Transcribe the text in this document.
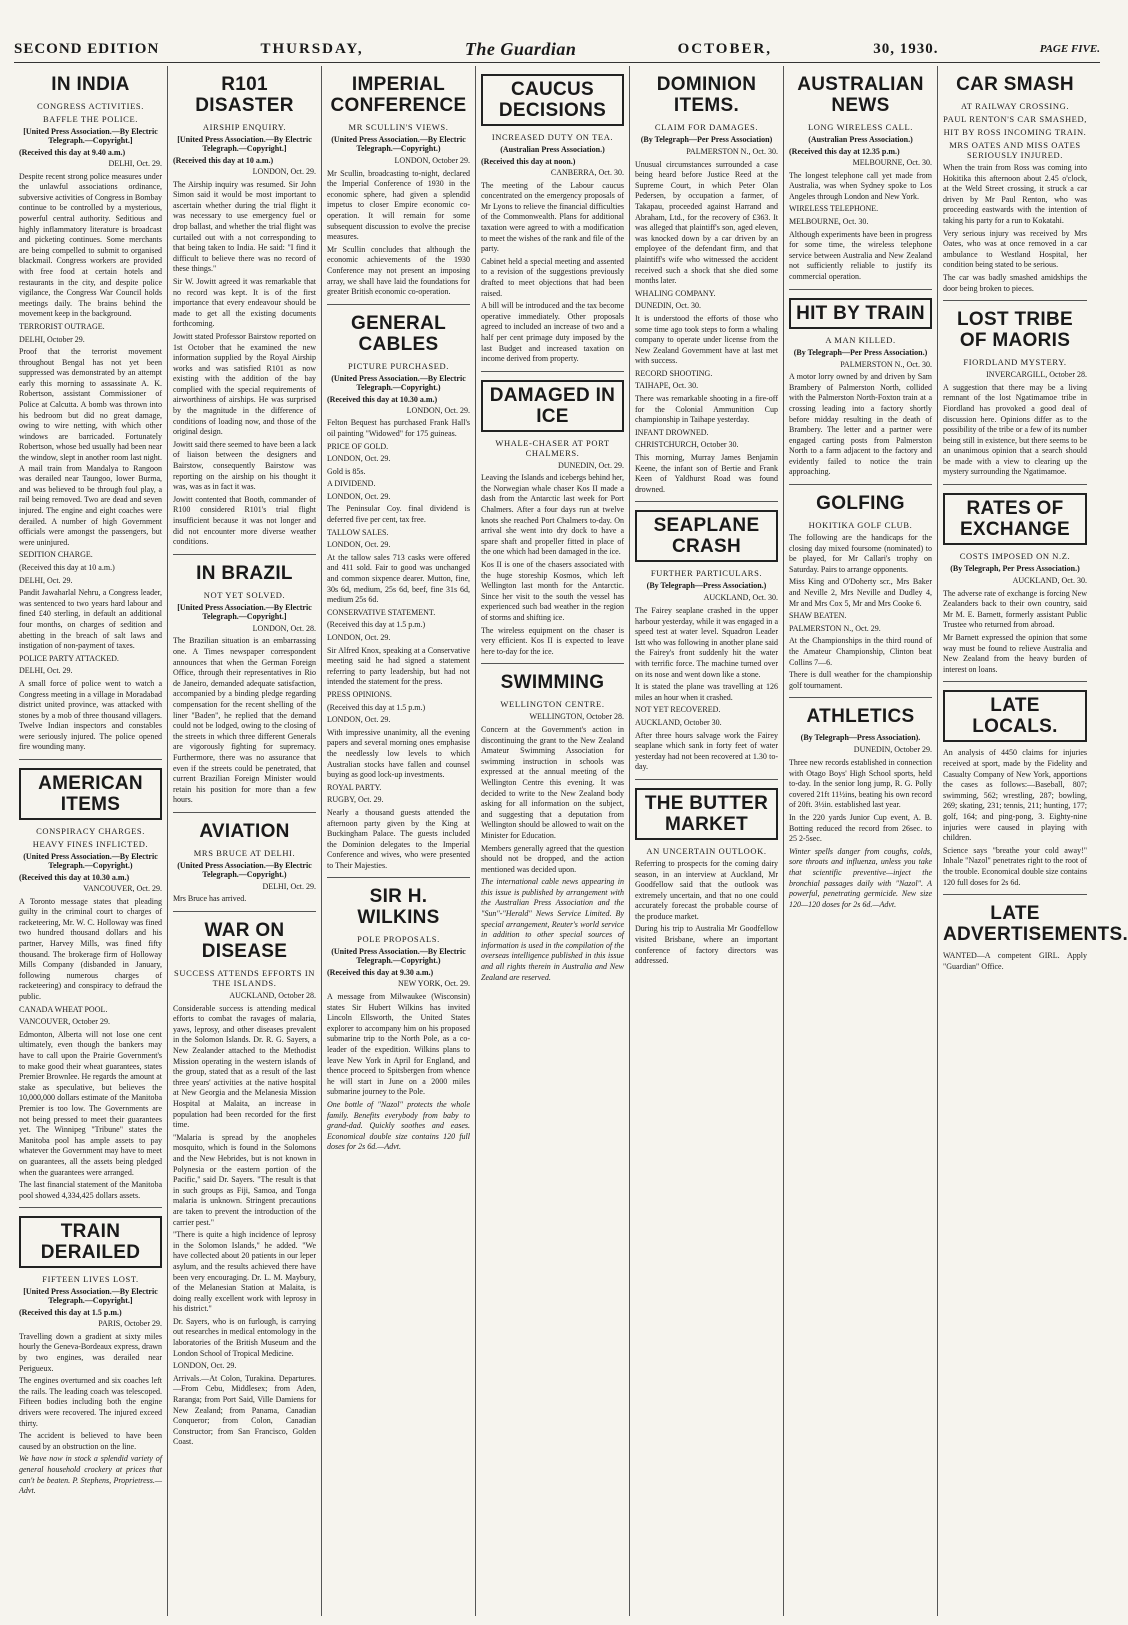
SECOND EDITION	THURSDAY,	The Guardian	OCTOBER,	30, 1930.	PAGE FIVE.
IN INDIA
CONGRESS ACTIVITIES.
BAFFLE THE POLICE.
[United Press Association.—By Electric Telegraph.—Copyright.]
(Received this day at 9.40 a.m.)
DELHI, Oct. 29.
Despite recent strong police measures under the unlawful associations ordinance, subversive activities of Congress in Bombay continue to be controlled by a mysterious, powerful central authority. Seditious and highly inflammatory literature is broadcast and picketing continues. Some merchants are being compelled to submit to organised blackmail. Congress workers are provided with free food at certain hotels and restaurants in the city, and despite police vigilance, the Congress War Council holds meetings daily. The brains behind the movement keep in the background.
TERRORIST OUTRAGE.
DELHI, October 29.
Proof that the terrorist movement throughout Bengal has not yet been suppressed was demonstrated by an attempt early this morning to assassinate A. K. Robertson, assistant Commissioner of Police at Calcutta. A bomb was thrown into his bedroom but did no great damage, owing to wire netting, with which other windows are barricaded. Fortunately Robertson, whose bed usually had been near the window, slept in another room last night. A mail train from Mandalya to Rangoon was derailed near Taungoo, lower Burma, and was believed to be through foul play, a rail being removed. Two are dead and seven injured. The engine and eight coaches were derailed. A number of high Government officials were amongst the passengers, but were uninjured.
SEDITION CHARGE.
(Received this day at 10 a.m.)
DELHI, Oct. 29.
Pandit Jawaharlal Nehru, a Congress leader, was sentenced to two years hard labour and fined £40 sterling, in default an additional four months, on charges of sedition and abetting in the breach of salt laws and instigation of non-payment of taxes.
POLICE PARTY ATTACKED.
DELHI, Oct. 29.
A small force of police went to watch a Congress meeting in a village in Moradabad district united province, was attacked with stones by a mob of three thousand villagers. Twelve Indian inspectors and constables were seriously injured. The police opened fire wounding many.
AMERICAN ITEMS
CONSPIRACY CHARGES.
HEAVY FINES INFLICTED.
(United Press Association.—By Electric Telegraph.—Copyright.)
(Received this day at 10.30 a.m.)
VANCOUVER, Oct. 29.
A Toronto message states that pleading guilty in the criminal court to charges of racketeering, Mr. W. C. Holloway was fined two hundred thousand dollars and his partner, Harvey Mills, was fined fifty thousand. The brokerage firm of Holloway Mills Company (disbanded in January, following numerous charges of racketeering) and conspiracy to defraud the public.
CANADA WHEAT POOL.
VANCOUVER, October 29.
Edmonton, Alberta will not lose one cent ultimately, even though the bankers may have to call upon the Prairie Government's to make good their wheat guarantees, states Premier Brownlee. He regards the amount at stake as speculative, but believes the 10,000,000 dollars estimate of the Manitoba Premier is too low. The Governments are not being pressed to meet their guarantees yet. The Winnipeg "Tribune" states the Manitoba pool has ample assets to pay whatever the Government may have to meet on guarantees, all the assets being pledged when the guarantees were arranged.
The last financial statement of the Manitoba pool showed 4,334,425 dollars assets.
TRAIN DERAILED
FIFTEEN LIVES LOST.
[United Press Association.—By Electric Telegraph.—Copyright.]
(Received this day at 1.5 p.m.)
PARIS, October 29.
Travelling down a gradient at sixty miles hourly the Geneva-Bordeaux express, drawn by two engines, was derailed near Perigueux.
The engines overturned and six coaches left the rails. The leading coach was telescoped. Fifteen bodies including both the engine drivers were recovered. The injured exceed thirty.
The accident is believed to have been caused by an obstruction on the line.
We have now in stock a splendid variety of general household crockery at prices that can't be beaten. P. Stephens, Proprietress.—Advt.
R101 DISASTER
AIRSHIP ENQUIRY.
[United Press Association.—By Electric Telegraph.—Copyright.]
(Received this day at 10 a.m.)
LONDON, Oct. 29.
The Airship inquiry was resumed. Sir John Simon said it would be most important to ascertain whether during the trial flight it was necessary to use emergency fuel or drop ballast, and whether the trial flight was curtailed out with a not corresponding to that being taken to India. He said: "I find it difficult to believe there was no record of these things."
Sir W. Jowitt agreed it was remarkable that no record was kept. It is of the first importance that every endeavour should be made to get all the existing documents forthcoming.
Jowitt stated Professor Bairstow reported on 1st October that he examined the new information supplied by the Royal Airship works and was satisfied R101 as now existing with the addition of the bay complied with the special requirements of airworthiness of airships. He was surprised by the magnitude in the difference of conditions of loading now, and those of the original design.
Jowitt said there seemed to have been a lack of liaison between the designers and Bairstow, consequently Bairstow was reporting on the airship on his thought it was, was as in fact it was.
Jowitt contented that Booth, commander of R100 considered R101's trial flight insufficient because it was not longer and did not encounter more diverse weather conditions.
IN BRAZIL
NOT YET SOLVED.
[United Press Association.—By Electric Telegraph.—Copyright.]
LONDON, Oct. 28.
The Brazilian situation is an embarrassing one. A Times newspaper correspondent announces that when the German Foreign Office, through their representatives in Rio de Janeiro, demanded adequate satisfaction, accompanied by a binding pledge regarding compensation for the recent shelling of the liner "Baden", he replied that the demand could not be lodged, owing to the closing of the streets in which three different Generals are vigorously fighting for supremacy. Furthermore, there was no assurance that even if the streets could be penetrated, that current Brazilian Foreign Minister would retain his position for more than a few hours.
AVIATION
MRS BRUCE AT DELHI.
(United Press Association.—By Electric Telegraph.—Copyright.)
DELHI, Oct. 29.
Mrs Bruce has arrived.
WAR ON DISEASE
SUCCESS ATTENDS EFFORTS IN THE ISLANDS.
AUCKLAND, October 28.
Considerable success is attending medical efforts to combat the ravages of malaria, yaws, leprosy, and other diseases prevalent in the Solomon Islands. Dr. R. G. Sayers, a New Zealander attached to the Methodist Mission operating in the western islands of the group, stated that as a result of the last three years' activities at the native hospital at New Georgia and the Melanesia Mission Hospital at Malaita, an increase in population had been recorded for the first time.
"Malaria is spread by the anopheles mosquito, which is found in the Solomons and the New Hebrides, but is not known in Polynesia or the eastern portion of the Pacific," said Dr. Sayers. "The result is that in such groups as Fiji, Samoa, and Tonga malaria is unknown. Stringent precautions are taken to prevent the introduction of the carrier pest."
"There is quite a high incidence of leprosy in the Solomon Islands," he added. "We have collected about 20 patients in our leper asylum, and the results achieved there have been very encouraging. Dr. L. M. Maybury, of the Melanesian Station at Malaita, is doing really excellent work with leprosy in his district."
Dr. Sayers, who is on furlough, is carrying out researches in medical entomology in the laboratories of the British Museum and the London School of Tropical Medicine.
LONDON, Oct. 29.
Arrivals.—At Colon, Turakina. Departures.—From Cebu, Middlesex; from Aden, Raranga; from Port Said, Ville Damiens for New Zealand; from Panama, Canadian Conqueror; from Colon, Canadian Constructor; from San Francisco, Golden Coast.
IMPERIAL CONFERENCE
MR SCULLIN'S VIEWS.
(United Press Association.—By Electric Telegraph.—Copyright.)
LONDON, October 29.
Mr Scullin, broadcasting to-night, declared the Imperial Conference of 1930 in the economic sphere, had given a splendid impetus to closer Empire economic co-operation. It will remain for some subsequent discussion to evolve the precise measures.
Mr Scullin concludes that although the economic achievements of the 1930 Conference may not present an imposing array, we shall have laid the foundations for greater British economic co-operation.
GENERAL CABLES
PICTURE PURCHASED.
(United Press Association.—By Electric Telegraph.—Copyright.)
(Received this day at 10.30 a.m.)
LONDON, Oct. 29.
Felton Bequest has purchased Frank Hall's oil painting "Widowed" for 175 guineas.
PRICE OF GOLD.
LONDON, Oct. 29.
Gold is 85s.
A DIVIDEND.
LONDON, Oct. 29.
The Peninsular Coy. final dividend is deferred five per cent, tax free.
TALLOW SALES.
LONDON, Oct. 29.
At the tallow sales 713 casks were offered and 411 sold. Fair to good was unchanged and common sixpence dearer. Mutton, fine, 30s 6d, medium, 25s 6d, beef, fine 31s 6d, medium 25s 6d.
CONSERVATIVE STATEMENT.
(Received this day at 1.5 p.m.)
LONDON, Oct. 29.
Sir Alfred Knox, speaking at a Conservative meeting said he had signed a statement referring to party leadership, but had not intended the statement for the press.
PRESS OPINIONS.
(Received this day at 1.5 p.m.)
LONDON, Oct. 29.
With impressive unanimity, all the evening papers and several morning ones emphasise the needlessly low levels to which Australian stocks have fallen and counsel buying as good lock-up investments.
ROYAL PARTY.
RUGBY, Oct. 29.
Nearly a thousand guests attended the afternoon party given by the King at Buckingham Palace. The guests included the Dominion delegates to the Imperial Conference and wives, who were presented to Their Majesties.
SIR H. WILKINS
POLE PROPOSALS.
(United Press Association.—By Electric Telegraph.—Copyright.)
(Received this day at 9.30 a.m.)
NEW YORK, Oct. 29.
A message from Milwaukee (Wisconsin) states Sir Hubert Wilkins has invited Lincoln Ellsworth, the United States explorer to accompany him on his proposed submarine trip to the North Pole, as a co-leader of the expedition. Wilkins plans to leave New York in April for England, and thence proceed to Spitsbergen from whence he will start in June on a 2000 miles submarine journey to the Pole.
One bottle of "Nazol" protects the whole family. Benefits everybody from baby to grand-dad. Quickly soothes and eases. Economical double size contains 120 full doses for 2s 6d.—Advt.
CAUCUS DECISIONS
INCREASED DUTY ON TEA.
(Australian Press Association.)
(Received this day at noon.)
CANBERRA, Oct. 30.
The meeting of the Labour caucus concentrated on the emergency proposals of Mr Lyons to relieve the financial difficulties of the Commonwealth. Plans for additional taxation were agreed to with a modification to meet the wishes of the rank and file of the party.
Cabinet held a special meeting and assented to a revision of the suggestions previously drafted to meet objections that had been raised.
A bill will be introduced and the tax become operative immediately. Other proposals agreed to included an increase of two and a half per cent primage duty imposed by the last Budget and increased taxation on income derived from property.
DAMAGED IN ICE
WHALE-CHASER AT PORT CHALMERS.
DUNEDIN, Oct. 29.
Leaving the Islands and icebergs behind her, the Norwegian whale chaser Kos II made a dash from the Antarctic last week for Port Chalmers. After a four days run at twelve knots she reached Port Chalmers to-day. On arrival she went into dry dock to have a spare shaft and propeller fitted in place of the one which had been damaged in the ice.
Kos II is one of the chasers associated with the huge storeship Kosmos, which left Wellington last month for the Antarctic. Since her visit to the south the vessel has experienced such bad weather in the region of storms and shifting ice.
The wireless equipment on the chaser is very efficient. Kos II is expected to leave here to-day for the ice.
SWIMMING
WELLINGTON CENTRE.
WELLINGTON, October 28.
Concern at the Government's action in discontinuing the grant to the New Zealand Amateur Swimming Association for swimming instruction in schools was expressed at the annual meeting of the Wellington Centre this evening. It was decided to write to the New Zealand body asking for all information on the subject, and suggesting that a deputation from Wellington should be allowed to wait on the Minister for Education.
Members generally agreed that the question should not be dropped, and the action mentioned was decided upon.
The international cable news appearing in this issue is published by arrangement with the Australian Press Association and the "Sun"-"Herald" News Service Limited. By special arrangement, Reuter's world service in addition to other special sources of information is used in the compilation of the overseas intelligence published in this issue and all rights therein in Australia and New Zealand are reserved.
DOMINION ITEMS.
CLAIM FOR DAMAGES.
(By Telegraph—Per Press Association)
PALMERSTON N., Oct. 30.
Unusual circumstances surrounded a case being heard before Justice Reed at the Supreme Court, in which Peter Olan Pedersen, by occupation a farmer, of Takapau, proceeded against Harrand and Abraham, Ltd., for the recovery of £363. It was alleged that plaintiff's son, aged eleven, was knocked down by a car driven by an employee of the defendant firm, and that plaintiff's wife who witnessed the accident received such a shock that she died some months later.
WHALING COMPANY.
DUNEDIN, Oct. 30.
It is understood the efforts of those who some time ago took steps to form a whaling company to operate under license from the New Zealand Government have at last met with success.
RECORD SHOOTING.
TAIHAPE, Oct. 30.
There was remarkable shooting in a fire-off for the Colonial Ammunition Cup championship in Taihape yesterday.
INFANT DROWNED.
CHRISTCHURCH, October 30.
This morning, Murray James Benjamin Keene, the infant son of Bertie and Frank Keen of Yaldhurst Road was found drowned.
SEAPLANE CRASH
FURTHER PARTICULARS.
(By Telegraph—Press Association.)
AUCKLAND, Oct. 30.
The Fairey seaplane crashed in the upper harbour yesterday, while it was engaged in a speed test at water level. Squadron Leader Istt who was following in another plane said the Fairey's front suddenly hit the water with terrific force. The machine turned over on its nose and went down like a stone.
It is stated the plane was travelling at 126 miles an hour when it crashed.
NOT YET RECOVERED.
AUCKLAND, October 30.
After three hours salvage work the Fairey seaplane which sank in forty feet of water yesterday had not been recovered at 1.30 to-day.
THE BUTTER MARKET
AN UNCERTAIN OUTLOOK.
Referring to prospects for the coming dairy season, in an interview at Auckland, Mr Goodfellow said that the outlook was extremely uncertain, and that no one could accurately forecast the probable course of the produce market.
During his trip to Australia Mr Goodfellow visited Brisbane, where an important conference of factory directors was addressed.
AUSTRALIAN NEWS
LONG WIRELESS CALL.
(Australian Press Association.)
(Received this day at 12.35 p.m.)
MELBOURNE, Oct. 30.
The longest telephone call yet made from Australia, was when Sydney spoke to Los Angeles through London and New York.
WIRELESS TELEPHONE.
MELBOURNE, Oct. 30.
Although experiments have been in progress for some time, the wireless telephone service between Australia and New Zealand not sufficiently reliable to justify its commercial operation.
HIT BY TRAIN
A MAN KILLED.
(By Telegraph—Per Press Association.)
PALMERSTON N., Oct. 30.
A motor lorry owned by and driven by Sam Brambery of Palmerston North, collided with the Palmerston North-Foxton train at a crossing leading into a factory shortly before midday resulting in the death of Brambery. The letter and a partner were engaged carting posts from Palmerston North to a farm adjacent to the factory and evidently failed to notice the train approaching.
GOLFING
HOKITIKA GOLF CLUB.
The following are the handicaps for the closing day mixed foursome (nominated) to be played, for Mr Callari's trophy on Saturday. Pairs to arrange opponents.
Miss King and O'Doherty scr., Mrs Baker and Neville 2, Mrs Neville and Dudley 4, Mr and Mrs Cox 5, Mr and Mrs Cooke 6.
SHAW BEATEN.
PALMERSTON N., Oct. 29.
At the Championships in the third round of the Amateur Championship, Clinton beat Collins 7—6.
There is dull weather for the championship golf tournament.
ATHLETICS
(By Telegraph—Press Association).
DUNEDIN, October 29.
Three new records established in connection with Otago Boys' High School sports, held to-day. In the senior long jump, R. G. Polly covered 21ft 11½ins, beating his own record of 20ft. 3½in. established last year.
In the 220 yards Junior Cup event, A. B. Botting reduced the record from 26sec. to 25 2-5sec.
Winter spells danger from coughs, colds, sore throats and influenza, unless you take that scientific preventive—inject the bronchial passages daily with "Nazol". A powerful, penetrating germicide. New size 120—120 doses for 2s 6d.—Advt.
CAR SMASH
AT RAILWAY CROSSING.
PAUL RENTON'S CAR SMASHED,
HIT BY ROSS INCOMING TRAIN.
MRS OATES AND MISS OATES SERIOUSLY INJURED.
When the train from Ross was coming into Hokitika this afternoon about 2.45 o'clock, at the Weld Street crossing, it struck a car driven by Mr Paul Renton, who was proceeding eastwards with the intention of taking his party for a run to Kokatahi.
Very serious injury was received by Mrs Oates, who was at once removed in a car ambulance to Westland Hospital, her condition being stated to be serious.
The car was badly smashed amidships the door being broken to pieces.
LOST TRIBE OF MAORIS
FIORDLAND MYSTERY.
INVERCARGILL, October 28.
A suggestion that there may be a living remnant of the lost Ngatimamoe tribe in Fiordland has provoked a good deal of discussion here. Opinions differ as to the possibility of the tribe or a few of its number being still in existence, but there seems to be an unanimous opinion that a search should be made with a view to clearing up the mystery surrounding the Ngatimamoe.
RATES OF EXCHANGE
COSTS IMPOSED ON N.Z.
(By Telegraph, Per Press Association.)
AUCKLAND, Oct. 30.
The adverse rate of exchange is forcing New Zealanders back to their own country, said Mr M. E. Barnett, formerly assistant Public Trustee who returned from abroad.
Mr Barnett expressed the opinion that some way must be found to relieve Australia and New Zealand from the heavy burden of interest on loans.
LATE LOCALS.
An analysis of 4450 claims for injuries received at sport, made by the Fidelity and Casualty Company of New York, apportions the cases as follows:—Baseball, 807; swimming, 562; wrestling, 287; bowling, 269; skating, 231; tennis, 211; hunting, 177; golf, 164; and ping-pong, 3. Eighty-nine injuries were caused in playing with children.
Science says "breathe your cold away!" Inhale "Nazol" penetrates right to the root of the trouble. Economical double size contains 120 full doses for 2s 6d.
LATE ADVERTISEMENTS.
WANTED—A competent GIRL. Apply "Guardian" Office.
